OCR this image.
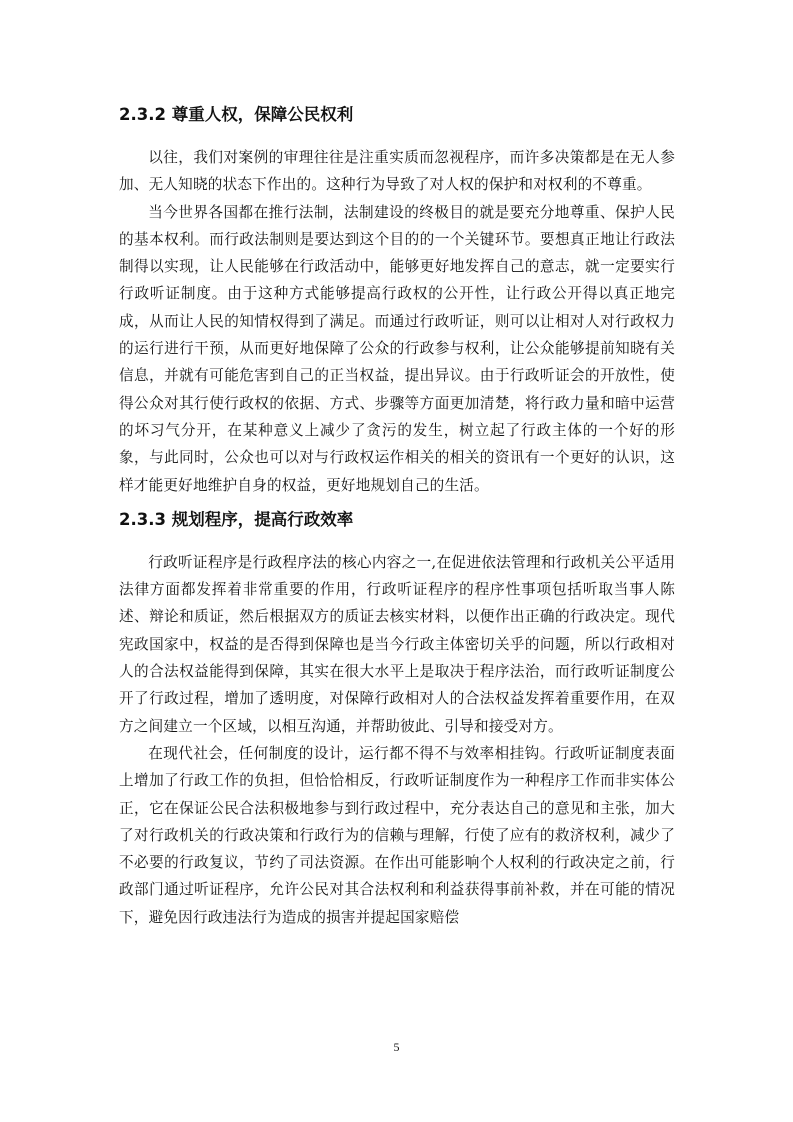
2.3.2 尊重人权，保障公民权利

以往，我们对案例的审理往往是注重实质而忽视程序，而许多决策都是在无人参加、无人知晓的状态下作出的。这种行为导致了对人权的保护和对权利的不尊重。

当今世界各国都在推行法制，法制建设的终极目的就是要充分地尊重、保护人民的基本权利。而行政法制则是要达到这个目的的一个关键环节。要想真正地让行政法制得以实现，让人民能够在行政活动中，能够更好地发挥自己的意志，就一定要实行行政听证制度。由于这种方式能够提高行政权的公开性，让行政公开得以真正地完成，从而让人民的知情权得到了满足。而通过行政听证，则可以让相对人对行政权力的运行进行干预，从而更好地保障了公众的行政参与权利，让公众能够提前知晓有关信息，并就有可能危害到自己的正当权益，提出异议。由于行政听证会的开放性，使得公众对其行使行政权的依据、方式、步骤等方面更加清楚，将行政力量和暗中运营的坏习气分开，在某种意义上减少了贪污的发生，树立起了行政主体的一个好的形象，与此同时，公众也可以对与行政权运作相关的相关的资讯有一个更好的认识，这样才能更好地维护自身的权益，更好地规划自己的生活。

2.3.3 规划程序，提高行政效率

行政听证程序是行政程序法的核心内容之一,在促进依法管理和行政机关公平适用法律方面都发挥着非常重要的作用，行政听证程序的程序性事项包括听取当事人陈述、辩论和质证，然后根据双方的质证去核实材料，以便作出正确的行政决定。现代宪政国家中，权益的是否得到保障也是当今行政主体密切关乎的问题，所以行政相对人的合法权益能得到保障，其实在很大水平上是取决于程序法治，而行政听证制度公开了行政过程，增加了透明度，对保障行政相对人的合法权益发挥着重要作用，在双方之间建立一个区域，以相互沟通，并帮助彼此、引导和接受对方。

在现代社会，任何制度的设计，运行都不得不与效率相挂钩。行政听证制度表面上增加了行政工作的负担，但恰恰相反，行政听证制度作为一种程序工作而非实体公正，它在保证公民合法积极地参与到行政过程中，充分表达自己的意见和主张，加大了对行政机关的行政决策和行政行为的信赖与理解，行使了应有的救济权利，减少了不必要的行政复议，节约了司法资源。在作出可能影响个人权利的行政决定之前，行政部门通过听证程序，允许公民对其合法权利和利益获得事前补救，并在可能的情况下，避免因行政违法行为造成的损害并提起国家赔偿

5
